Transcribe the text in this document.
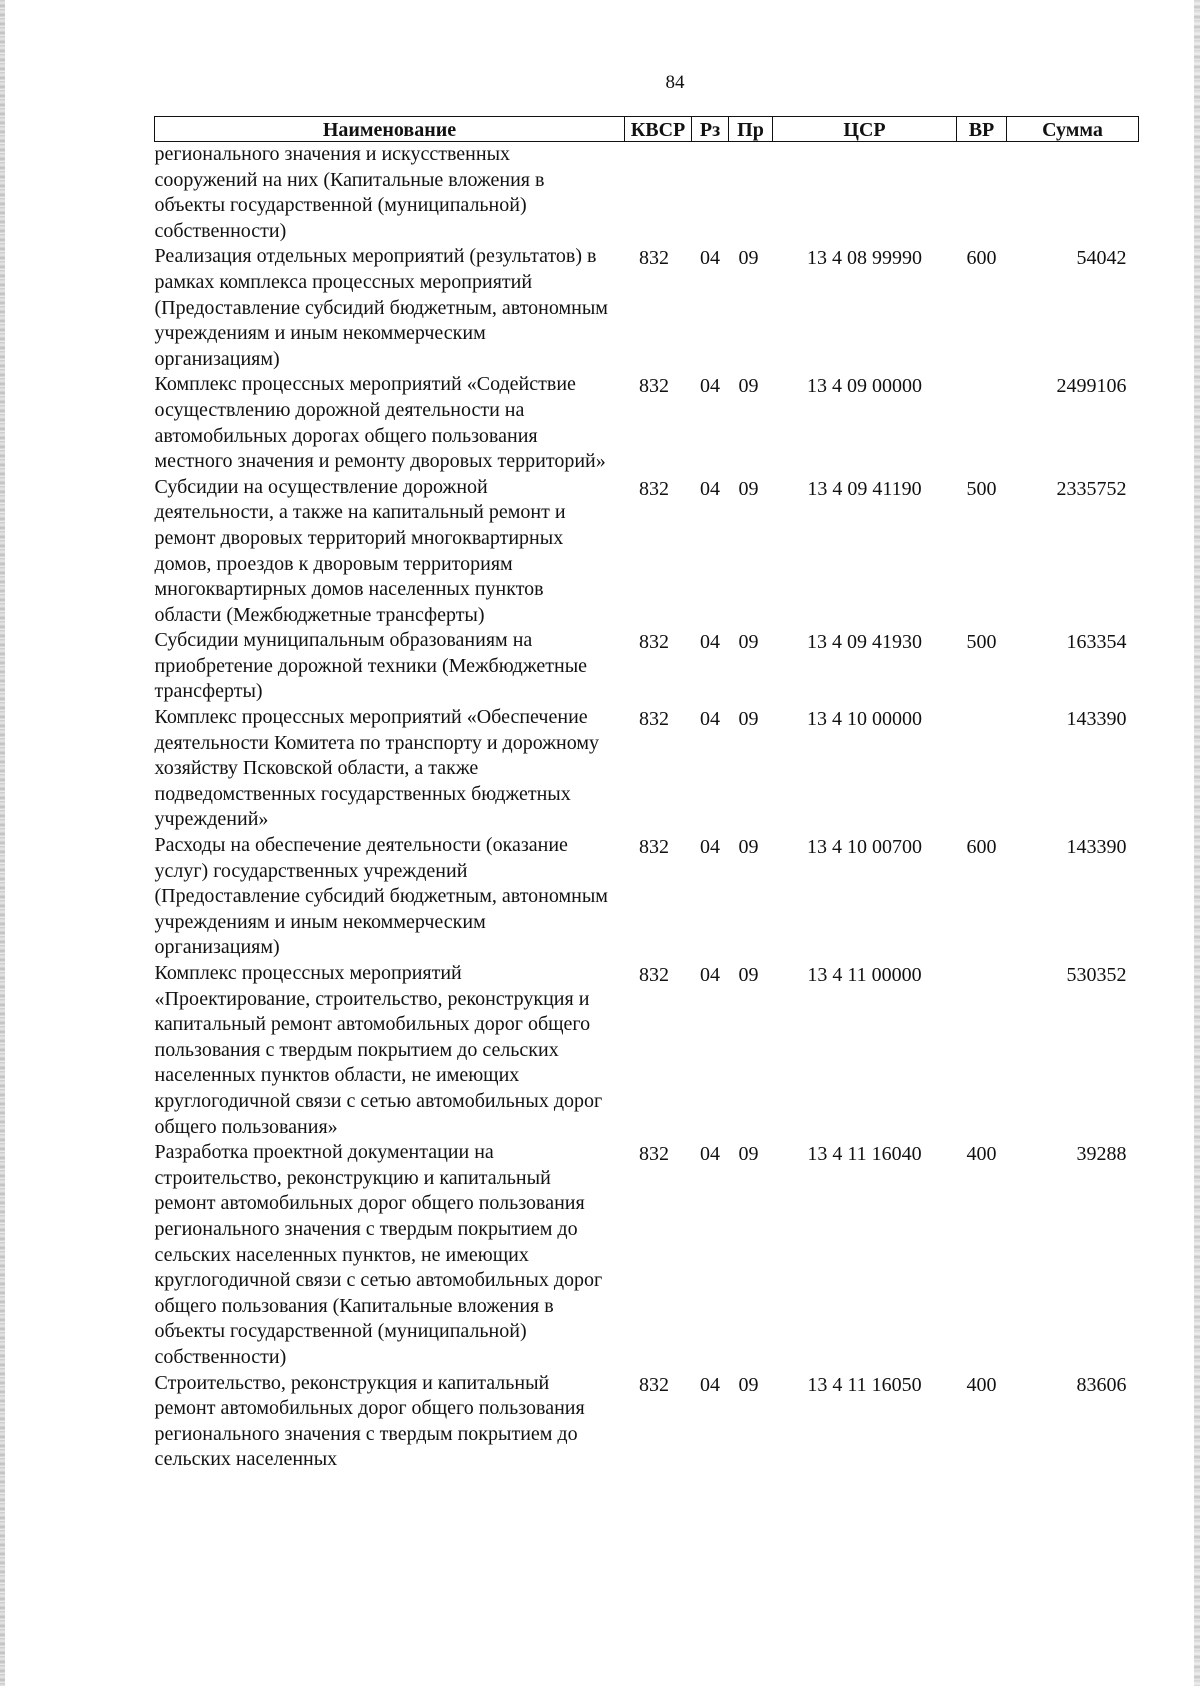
84
Наименование	КВСР	Рз	Пр	ЦСР	ВР	Сумма
регионального значения и искусственных сооружений на них (Капитальные вложения в объекты государственной (муниципальной) собственности)						
Реализация отдельных мероприятий (результатов) в рамках комплекса процессных мероприятий (Предоставление субсидий бюджетным, автономным учреждениям и иным некоммерческим организациям)	832	04	09	13 4 08 99990	600	54042
Комплекс процессных мероприятий «Содействие осуществлению дорожной деятельности на автомобильных дорогах общего пользования местного значения и ремонту дворовых территорий»	832	04	09	13 4 09 00000		2499106
Субсидии на осуществление дорожной деятельности, а также на капитальный ремонт и ремонт дворовых территорий многоквартирных домов, проездов к дворовым территориям многоквартирных домов населенных пунктов области (Межбюджетные трансферты)	832	04	09	13 4 09 41190	500	2335752
Субсидии муниципальным образованиям на приобретение дорожной техники (Межбюджетные трансферты)	832	04	09	13 4 09 41930	500	163354
Комплекс процессных мероприятий «Обеспечение деятельности Комитета по транспорту и дорожному хозяйству Псковской области, а также подведомственных государственных бюджетных учреждений»	832	04	09	13 4 10 00000		143390
Расходы на обеспечение деятельности (оказание услуг) государственных учреждений (Предоставление субсидий бюджетным, автономным учреждениям и иным некоммерческим организациям)	832	04	09	13 4 10 00700	600	143390
Комплекс процессных мероприятий «Проектирование, строительство, реконструкция и капитальный ремонт автомобильных дорог общего пользования с твердым покрытием до сельских населенных пунктов области, не имеющих круглогодичной связи с сетью автомобильных дорог общего пользования»	832	04	09	13 4 11 00000		530352
Разработка проектной документации на строительство, реконструкцию и капитальный ремонт автомобильных дорог общего пользования регионального значения с твердым покрытием до сельских населенных пунктов, не имеющих круглогодичной связи с сетью автомобильных дорог общего пользования (Капитальные вложения в объекты государственной (муниципальной) собственности)	832	04	09	13 4 11 16040	400	39288
Строительство, реконструкция и капитальный ремонт автомобильных дорог общего пользования регионального значения с твердым покрытием до сельских населенных	832	04	09	13 4 11 16050	400	83606
